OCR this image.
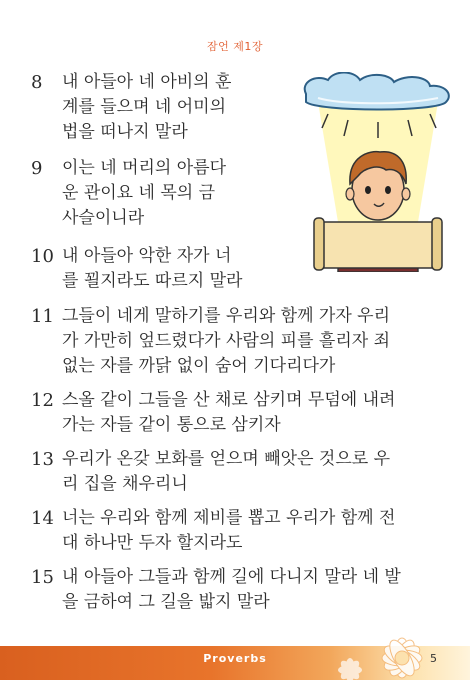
잠언 제1장
8	내 아들아 네 아비의 훈
계를 들으며 네 어미의
법을 떠나지 말라
9	이는 네 머리의 아름다
운 관이요 네 목의 금
사슬이니라
10 내 아들아 악한 자가 너
를 꾈지라도 따르지 말라
11 그들이 네게 말하기를 우리와 함께 가자 우리
가 가만히 엎드렸다가 사람의 피를 흘리자 죄
없는 자를 까닭 없이 숨어 기다리다가
12 스올 같이 그들을 산 채로 삼키며 무덤에 내려
가는 자들 같이 통으로 삼키자
13 우리가 온갖 보화를 얻으며 빼앗은 것으로 우
리 집을 채우리니
14 너는 우리와 함께 제비를 뽑고 우리가 함께 전
대 하나만 두자 할지라도
15 내 아들아 그들과 함께 길에 다니지 말라 네 발
을 금하여 그 길을 밟지 말라
Proverbs	5
